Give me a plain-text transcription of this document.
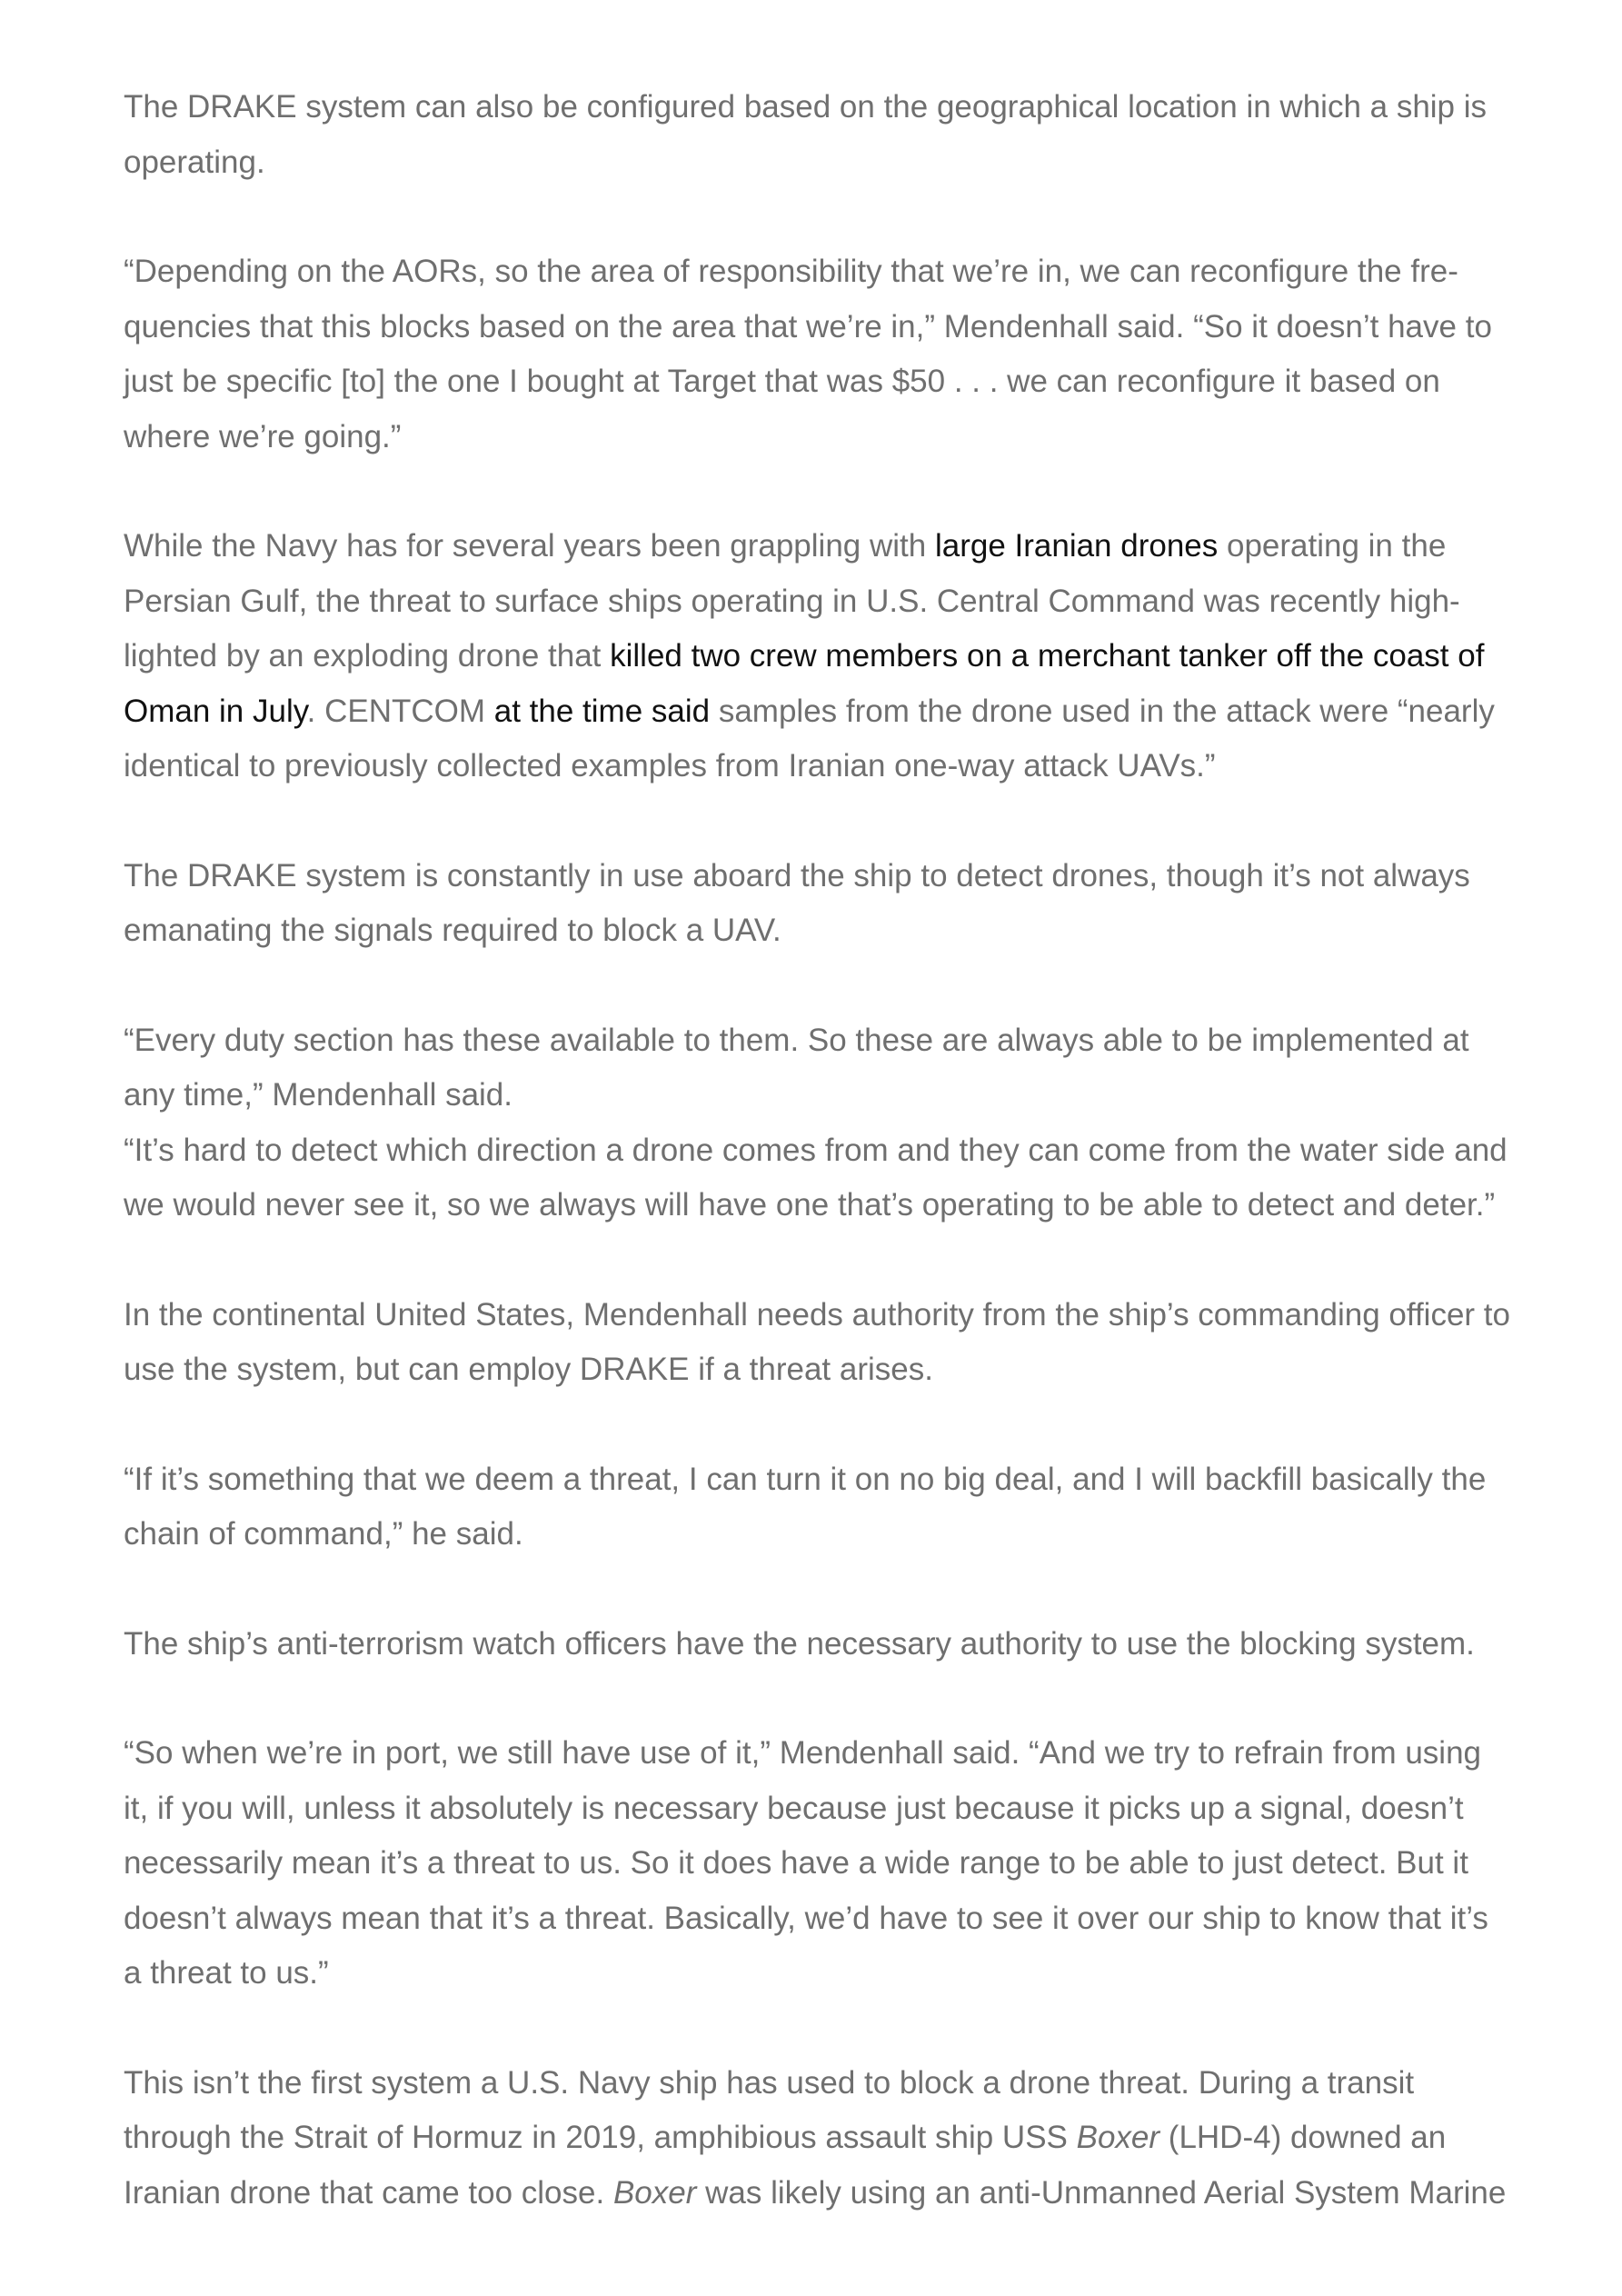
The DRAKE system can also be configured based on the geographical location in which a ship is operating.

“Depending on the AORs, so the area of responsibility that we’re in, we can reconfigure the fre-quencies that this blocks based on the area that we’re in,” Mendenhall said. “So it doesn’t have to just be specific [to] the one I bought at Target that was $50 . . . we can reconfigure it based on where we’re going.”

While the Navy has for several years been grappling with large Iranian drones operating in the Persian Gulf, the threat to surface ships operating in U.S. Central Command was recently high-lighted by an exploding drone that killed two crew members on a merchant tanker off the coast of Oman in July. CENTCOM at the time said samples from the drone used in the attack were “nearly identical to previously collected examples from Iranian one-way attack UAVs.”

The DRAKE system is constantly in use aboard the ship to detect drones, though it’s not always emanating the signals required to block a UAV.

“Every duty section has these available to them. So these are always able to be implemented at any time,” Mendenhall said.

“It’s hard to detect which direction a drone comes from and they can come from the water side and we would never see it, so we always will have one that’s operating to be able to detect and deter.”

In the continental United States, Mendenhall needs authority from the ship’s commanding officer to use the system, but can employ DRAKE if a threat arises.

“If it’s something that we deem a threat, I can turn it on no big deal, and I will backfill basically the chain of command,” he said.

The ship’s anti-terrorism watch officers have the necessary authority to use the blocking system.

“So when we’re in port, we still have use of it,” Mendenhall said. “And we try to refrain from using it, if you will, unless it absolutely is necessary because just because it picks up a signal, doesn’t necessarily mean it’s a threat to us. So it does have a wide range to be able to just detect. But it doesn’t always mean that it’s a threat. Basically, we’d have to see it over our ship to know that it’s a threat to us.”

This isn’t the first system a U.S. Navy ship has used to block a drone threat. During a transit through the Strait of Hormuz in 2019, amphibious assault ship USS Boxer (LHD-4) downed an Iranian drone that came too close. Boxer was likely using an anti-Unmanned Aerial System Marine
